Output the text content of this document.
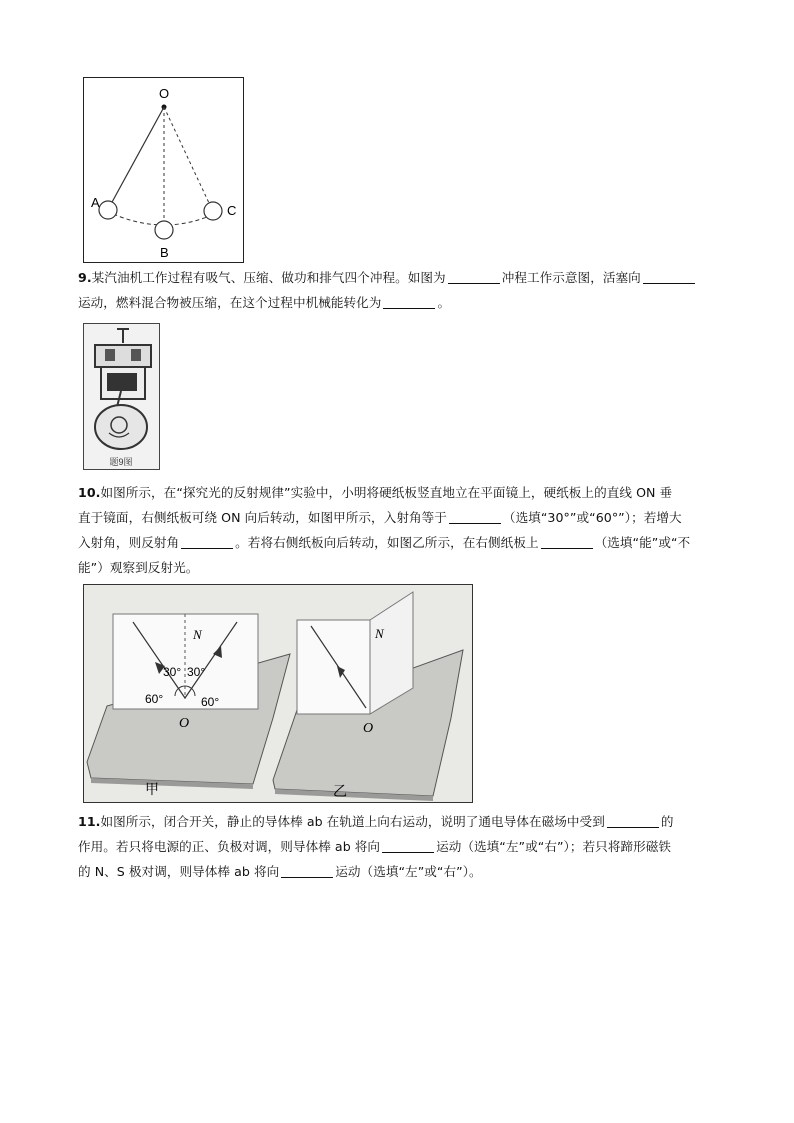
O
A
B
C

9.某汽油机工作过程有吸气、压缩、做功和排气四个冲程。如图为	冲程工作示意图，活塞向

运动，燃料混合物被压缩，在这个过程中机械能转化为	。

题9图

10.如图所示，在“探究光的反射规律”实验中，小明将硬纸板竖直地立在平面镜上，硬纸板上的直线 ON 垂

直于镜面，右侧纸板可绕 ON 向后转动，如图甲所示，入射角等于	（选填“30°”或“60°”）；若增大

入射角，则反射角	。若将右侧纸板向后转动，如图乙所示，在右侧纸板上	（选填“能”或“不

能”）观察到反射光。

N
30° 30°
60°	60°
O
甲
N
O
乙

11.如图所示，闭合开关，静止的导体棒 ab 在轨道上向右运动，说明了通电导体在磁场中受到	的

作用。若只将电源的正、负极对调，则导体棒 ab 将向	运动（选填“左”或“右”）；若只将蹄形磁铁

的 N、S 极对调，则导体棒 ab 将向	运动（选填“左”或“右”）。
